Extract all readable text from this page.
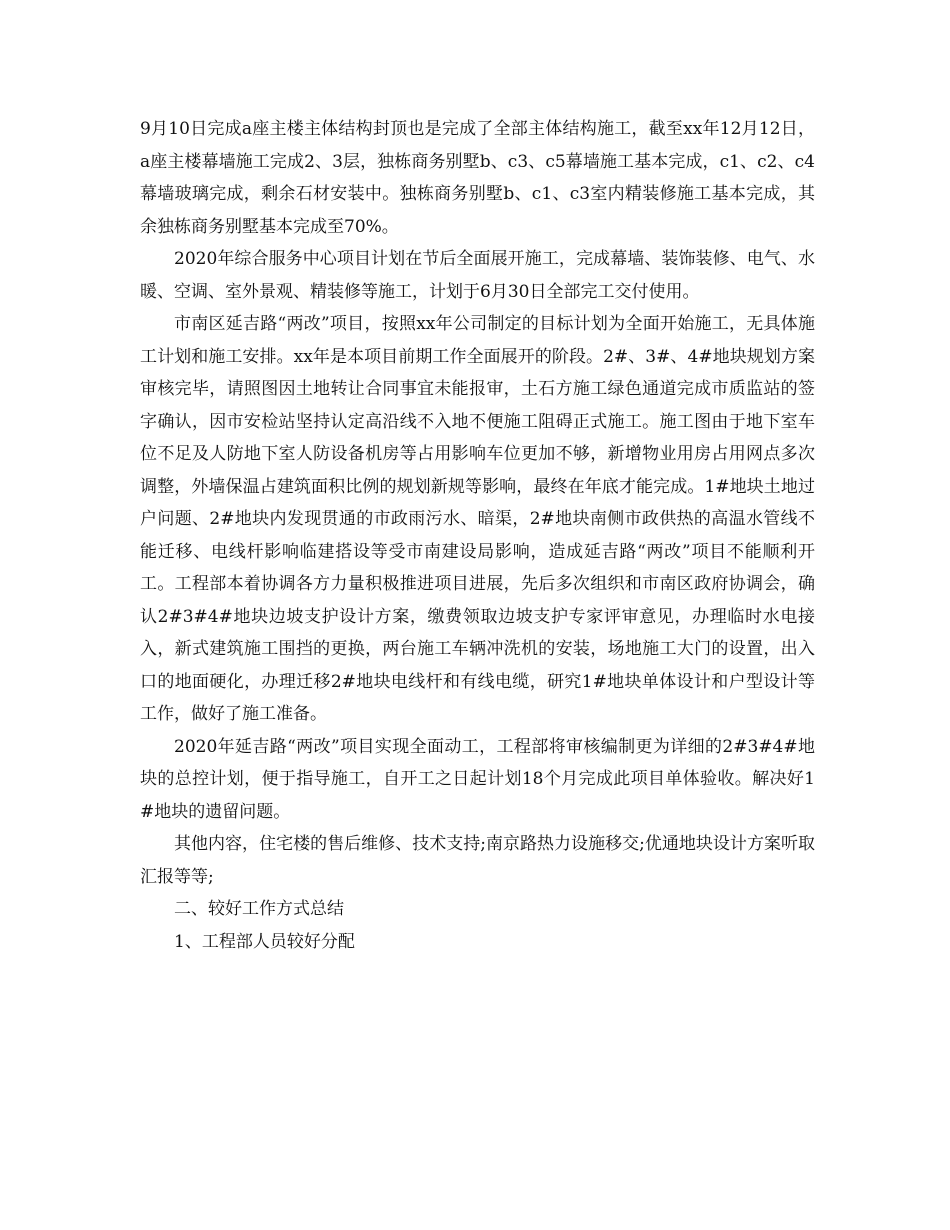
9月10日完成a座主楼主体结构封顶也是完成了全部主体结构施工，截至xx年12月12日，a座主楼幕墙施工完成2、3层，独栋商务别墅b、c3、c5幕墙施工基本完成，c1、c2、c4幕墙玻璃完成，剩余石材安装中。独栋商务别墅b、c1、c3室内精装修施工基本完成，其余独栋商务别墅基本完成至70%。

2020年综合服务中心项目计划在节后全面展开施工，完成幕墙、装饰装修、电气、水暖、空调、室外景观、精装修等施工，计划于6月30日全部完工交付使用。

市南区延吉路“两改”项目，按照xx年公司制定的目标计划为全面开始施工，无具体施工计划和施工安排。xx年是本项目前期工作全面展开的阶段。2#、3#、4#地块规划方案审核完毕，请照图因土地转让合同事宜未能报审，土石方施工绿色通道完成市质监站的签字确认，因市安检站坚持认定高沿线不入地不便施工阻碍正式施工。施工图由于地下室车位不足及人防地下室人防设备机房等占用影响车位更加不够，新增物业用房占用网点多次调整，外墙保温占建筑面积比例的规划新规等影响，最终在年底才能完成。1#地块土地过户问题、2#地块内发现贯通的市政雨污水、暗渠，2#地块南侧市政供热的高温水管线不能迁移、电线杆影响临建搭设等受市南建设局影响，造成延吉路“两改”项目不能顺利开工。工程部本着协调各方力量积极推进项目进展，先后多次组织和市南区政府协调会，确认2#3#4#地块边坡支护设计方案，缴费领取边坡支护专家评审意见，办理临时水电接入，新式建筑施工围挡的更换，两台施工车辆冲洗机的安装，场地施工大门的设置，出入口的地面硬化，办理迁移2#地块电线杆和有线电缆，研究1#地块单体设计和户型设计等工作，做好了施工准备。

2020年延吉路“两改”项目实现全面动工，工程部将审核编制更为详细的2#3#4#地块的总控计划，便于指导施工，自开工之日起计划18个月完成此项目单体验收。解决好1#地块的遗留问题。

其他内容，住宅楼的售后维修、技术支持;南京路热力设施移交;优通地块设计方案听取汇报等等;

二、较好工作方式总结

1、工程部人员较好分配
